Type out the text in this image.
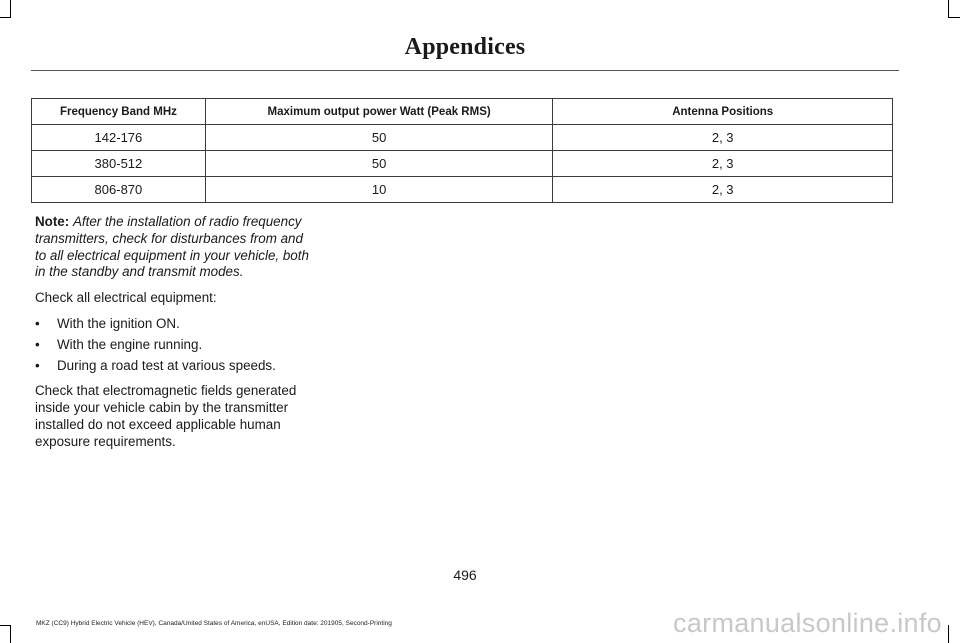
Appendices
Frequency Band MHz	Maximum output power Watt (Peak RMS)	Antenna Positions
142-176	50	2, 3
380-512	50	2, 3
806-870	10	2, 3

Note: After the installation of radio frequency transmitters, check for disturbances from and to all electrical equipment in your vehicle, both in the standby and transmit modes.

Check all electrical equipment:

• With the ignition ON.
• With the engine running.
• During a road test at various speeds.

Check that electromagnetic fields generated inside your vehicle cabin by the transmitter installed do not exceed applicable human exposure requirements.

496
MKZ (CC9) Hybrid Electric Vehicle (HEV), Canada/United States of America, enUSA, Edition date: 201905, Second-Printing	carmanualsonline.info
